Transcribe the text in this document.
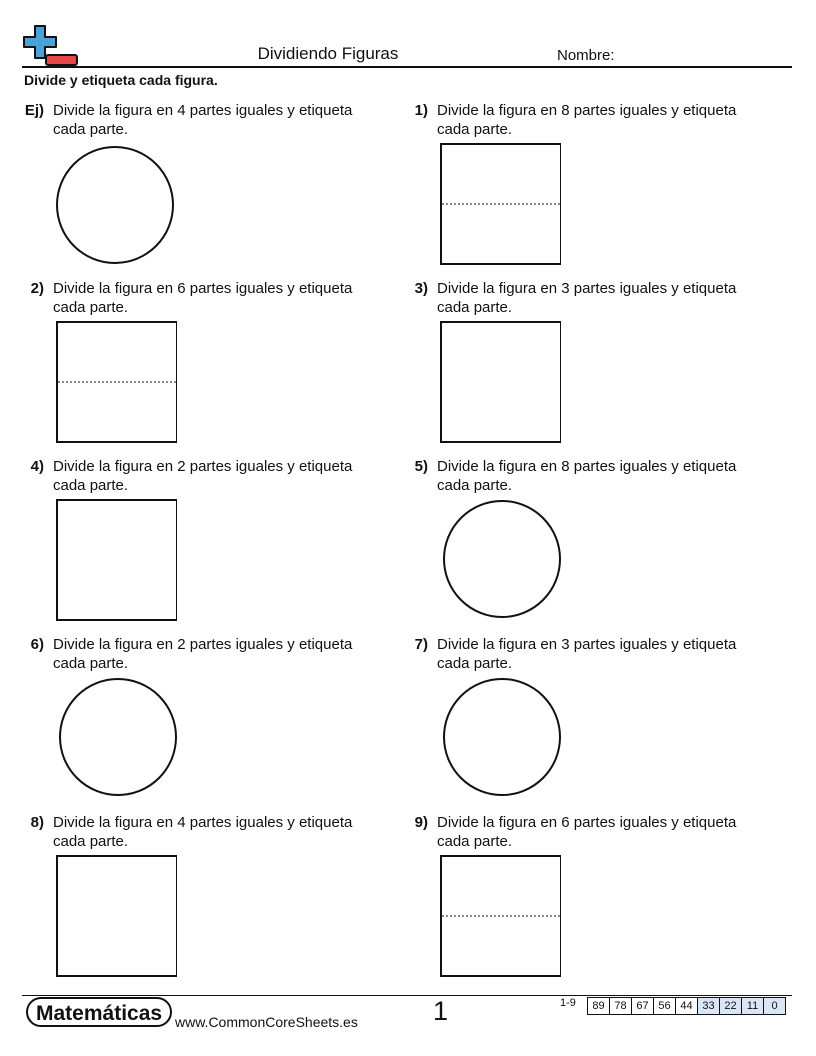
Dividiendo Figuras	Nombre:
Divide y etiqueta cada figura.
Ej) Divide la figura en 4 partes iguales y etiqueta cada parte.
1) Divide la figura en 8 partes iguales y etiqueta cada parte.
2) Divide la figura en 6 partes iguales y etiqueta cada parte.
3) Divide la figura en 3 partes iguales y etiqueta cada parte.
4) Divide la figura en 2 partes iguales y etiqueta cada parte.
5) Divide la figura en 8 partes iguales y etiqueta cada parte.
6) Divide la figura en 2 partes iguales y etiqueta cada parte.
7) Divide la figura en 3 partes iguales y etiqueta cada parte.
8) Divide la figura en 4 partes iguales y etiqueta cada parte.
9) Divide la figura en 6 partes iguales y etiqueta cada parte.
Matemáticas www.CommonCoreSheets.es	1	1-9	89 78 67 56 44 33 22 11	0
